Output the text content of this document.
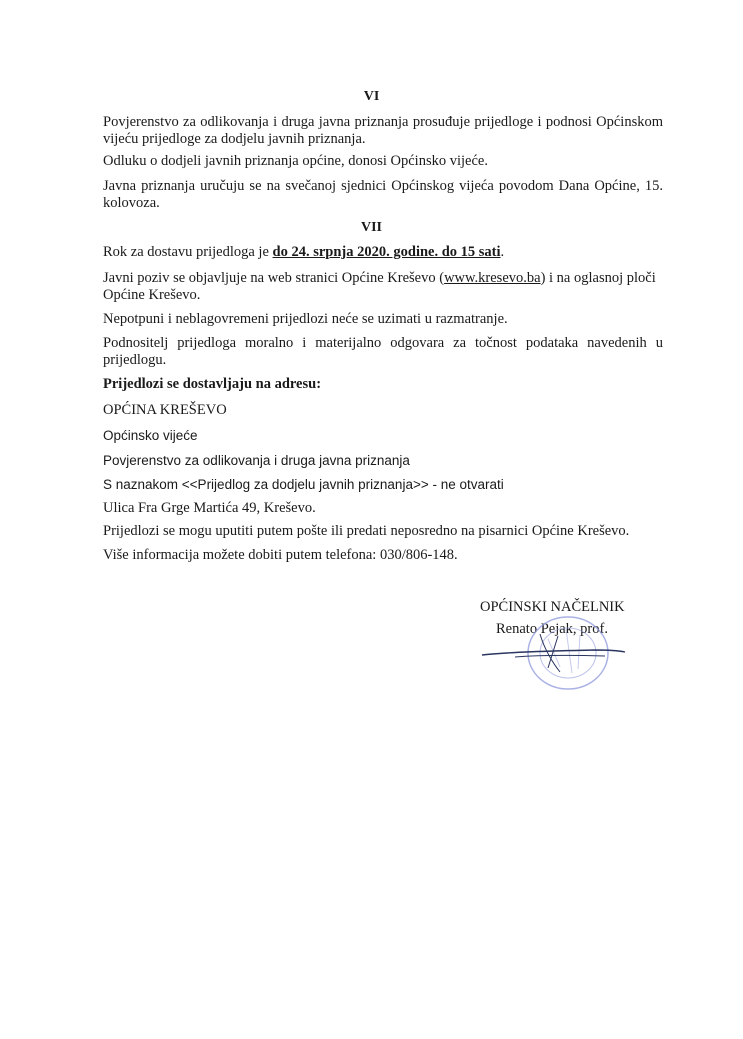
VI
Povjerenstvo za odlikovanja i druga javna priznanja prosuđuje prijedloge i podnosi Općinskom vijeću prijedloge za dodjelu javnih priznanja.
Odluku o dodjeli javnih priznanja općine, donosi Općinsko vijeće.
Javna priznanja uručuju se na svečanoj sjednici Općinskog vijeća povodom Dana Općine, 15. kolovoza.
VII
Rok za dostavu prijedloga je do 24. srpnja 2020. godine. do 15 sati.
Javni poziv se objavljuje na web stranici Općine Kreševo (www.kresevo.ba) i na oglasnoj ploči Općine Kreševo.
Nepotpuni i neblagovremeni prijedlozi neće se uzimati u razmatranje.
Podnositelj prijedloga moralno i materijalno odgovara za točnost podataka navedenih u prijedlogu.
Prijedlozi se dostavljaju na adresu:
OPĆINA KREŠEVO
Općinsko vijeće
Povjerenstvo za odlikovanja i druga javna priznanja
S naznakom <<Prijedlog za dodjelu javnih priznanja>> - ne otvarati
Ulica Fra Grge Martića 49, Kreševo.
Prijedlozi se mogu uputiti putem pošte ili predati neposredno na pisarnici Općine Kreševo.
Više informacija možete dobiti putem telefona: 030/806-148.
OPĆINSKI NAČELNIK
Renato Pejak, prof.
